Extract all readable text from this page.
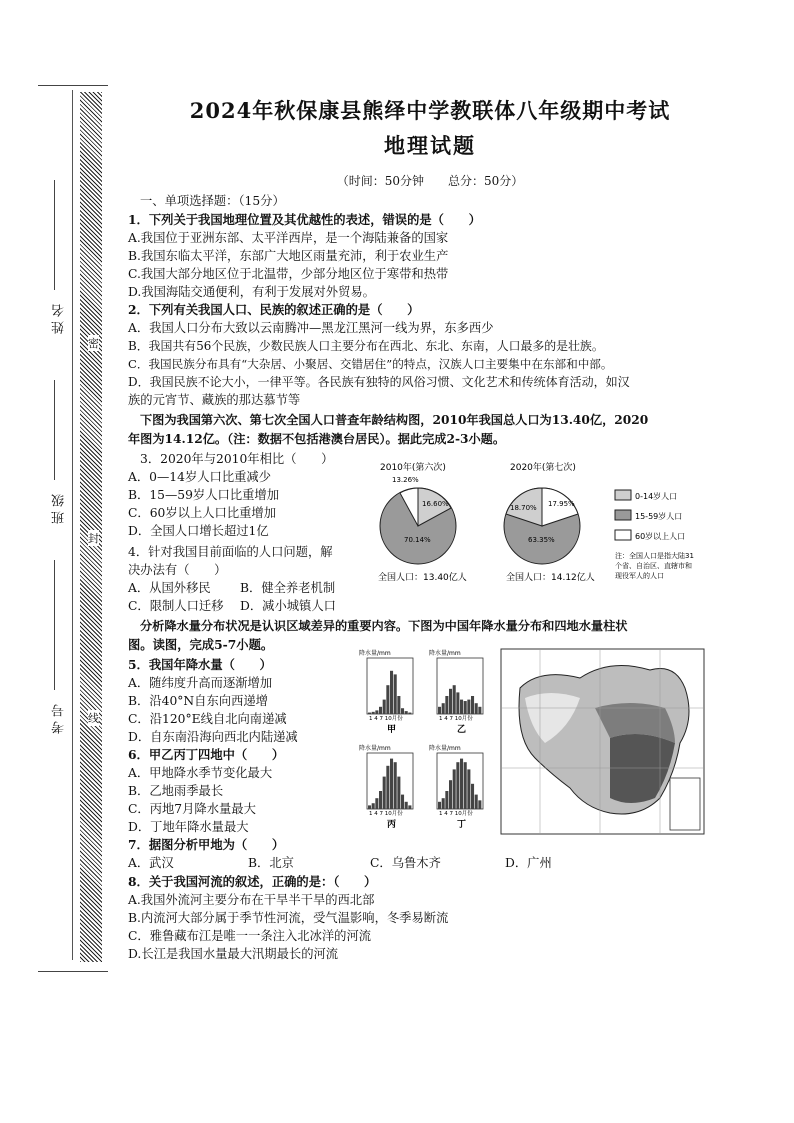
姓名
班级
考号
密
封
线
2024年秋保康县熊绎中学教联体八年级期中考试
地理试题
（时间：50分钟　　总分：50分）
一、单项选择题：（15分）
1．下列关于我国地理位置及其优越性的表述，错误的是（　　）
A.我国位于亚洲东部、太平洋西岸，是一个海陆兼备的国家
B.我国东临太平洋，东部广大地区雨量充沛，利于农业生产
C.我国大部分地区位于北温带，少部分地区位于寒带和热带
D.我国海陆交通便利，有利于发展对外贸易。
2．下列有关我国人口、民族的叙述正确的是（　　）
A．我国人口分布大致以云南腾冲—黑龙江黑河一线为界，东多西少
B．我国共有56个民族，少数民族人口主要分布在西北、东北、东南，人口最多的是壮族。
C．我国民族分布具有“大杂居、小聚居、交错居住”的特点，汉族人口主要集中在东部和中部。
D．我国民族不论大小，一律平等。各民族有独特的风俗习惯、文化艺术和传统体育活动，如汉
族的元宵节、藏族的那达慕节等
下图为我国第六次、第七次全国人口普查年龄结构图，2010年我国总人口为13.40亿，2020
年图为14.12亿。（注：数据不包括港澳台居民）。据此完成2-3小题。
3．2020年与2010年相比（　　）
A．0—14岁人口比重减少
B．15—59岁人口比重增加
C．60岁以上人口比重增加
D．全国人口增长超过1亿
4．针对我国目前面临的人口问题，解
决办法有（　　）
A．从国外移民 B．健全养老机制
C．限制人口迁移 D．减小城镇人口
2010年(第六次)	2020年(第七次)
16.60%
13.26%
70.14%
全国人口：13.40亿人
18.70% 17.95%
63.35%
全国人口：14.12亿人
0-14岁人口
15-59岁人口
60岁以上人口
注：全国人口是指大陆31
个省、自治区、直辖市和
现役军人的人口
分析降水量分布状况是认识区域差异的重要内容。下图为中国年降水量分布和四地水量柱状
图。读图，完成5-7小题。
5．我国年降水量（　　）
A．随纬度升高而逐渐增加
B．沿40°N自东向西递增
C．沿120°E线自北向南递减
D．自东南沿海向西北内陆递减
6．甲乙丙丁四地中（　　）
A．甲地降水季节变化最大
B．乙地雨季最长
C．丙地7月降水量最大
D．丁地年降水量最大
7．据图分析甲地为（　　）
A．武汉	B．北京	C．乌鲁木齐	D．广州
8．关于我国河流的叙述，正确的是：（　　）
A.我国外流河主要分布在干旱半干旱的西北部
B.内流河大部分属于季节性河流，受气温影响，冬季易断流
C．雅鲁藏布江是唯一一条注入北冰洋的河流
D.长江是我国水量最大汛期最长的河流
降水量/mm
1 4 7 10月份
甲
降水量/mm
1 4 7 10月份
乙
降水量/mm
1 4 7 10月份
丙
降水量/mm
1 4 7 10月份
丁
